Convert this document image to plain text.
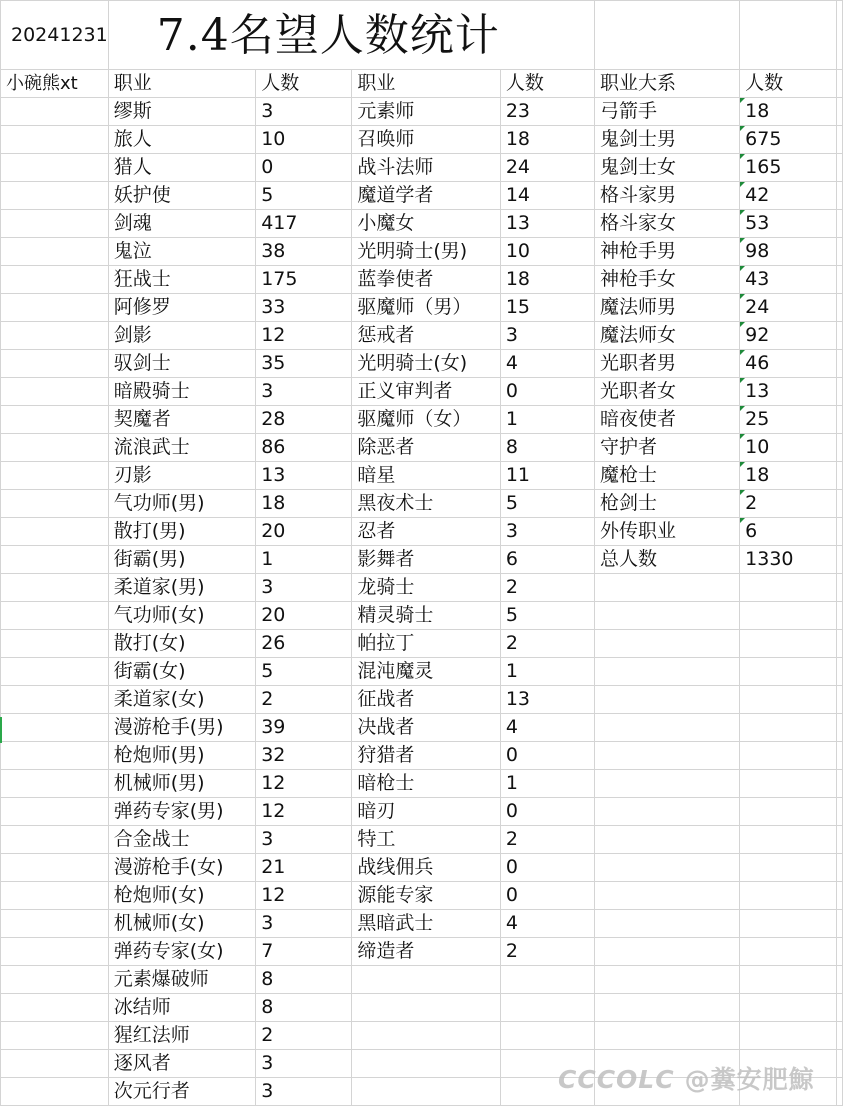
20241231	7.4名望人数统计						
小碗熊xt	职业	人数	职业	人数	职业大系	人数	
	缪斯	3	元素师	23	弓箭手	18	
	旅人	10	召唤师	18	鬼剑士男	675	
	猎人	0	战斗法师	24	鬼剑士女	165	
	妖护使	5	魔道学者	14	格斗家男	42	
	剑魂	417	小魔女	13	格斗家女	53	
	鬼泣	38	光明骑士(男)	10	神枪手男	98	
	狂战士	175	蓝拳使者	18	神枪手女	43	
	阿修罗	33	驱魔师（男）	15	魔法师男	24	
	剑影	12	惩戒者	3	魔法师女	92	
	驭剑士	35	光明骑士(女)	4	光职者男	46	
	暗殿骑士	3	正义审判者	0	光职者女	13	
	契魔者	28	驱魔师（女）	1	暗夜使者	25	
	流浪武士	86	除恶者	8	守护者	10	
	刃影	13	暗星	11	魔枪士	18	
	气功师(男)	18	黑夜术士	5	枪剑士	2	
	散打(男)	20	忍者	3	外传职业	6	
	街霸(男)	1	影舞者	6	总人数	1330	
	柔道家(男)	3	龙骑士	2			
	气功师(女)	20	精灵骑士	5			
	散打(女)	26	帕拉丁	2			
	街霸(女)	5	混沌魔灵	1			
	柔道家(女)	2	征战者	13			
	漫游枪手(男)	39	决战者	4			
	枪炮师(男)	32	狩猎者	0			
	机械师(男)	12	暗枪士	1			
	弹药专家(男)	12	暗刃	0			
	合金战士	3	特工	2			
	漫游枪手(女)	21	战线佣兵	0			
	枪炮师(女)	12	源能专家	0			
	机械师(女)	3	黑暗武士	4			
	弹药专家(女)	7	缔造者	2			
	元素爆破师	8					
	冰结师	8					
	猩红法师	2					
	逐风者	3					
	次元行者	3						CCCOLC @糞安肥鯨
